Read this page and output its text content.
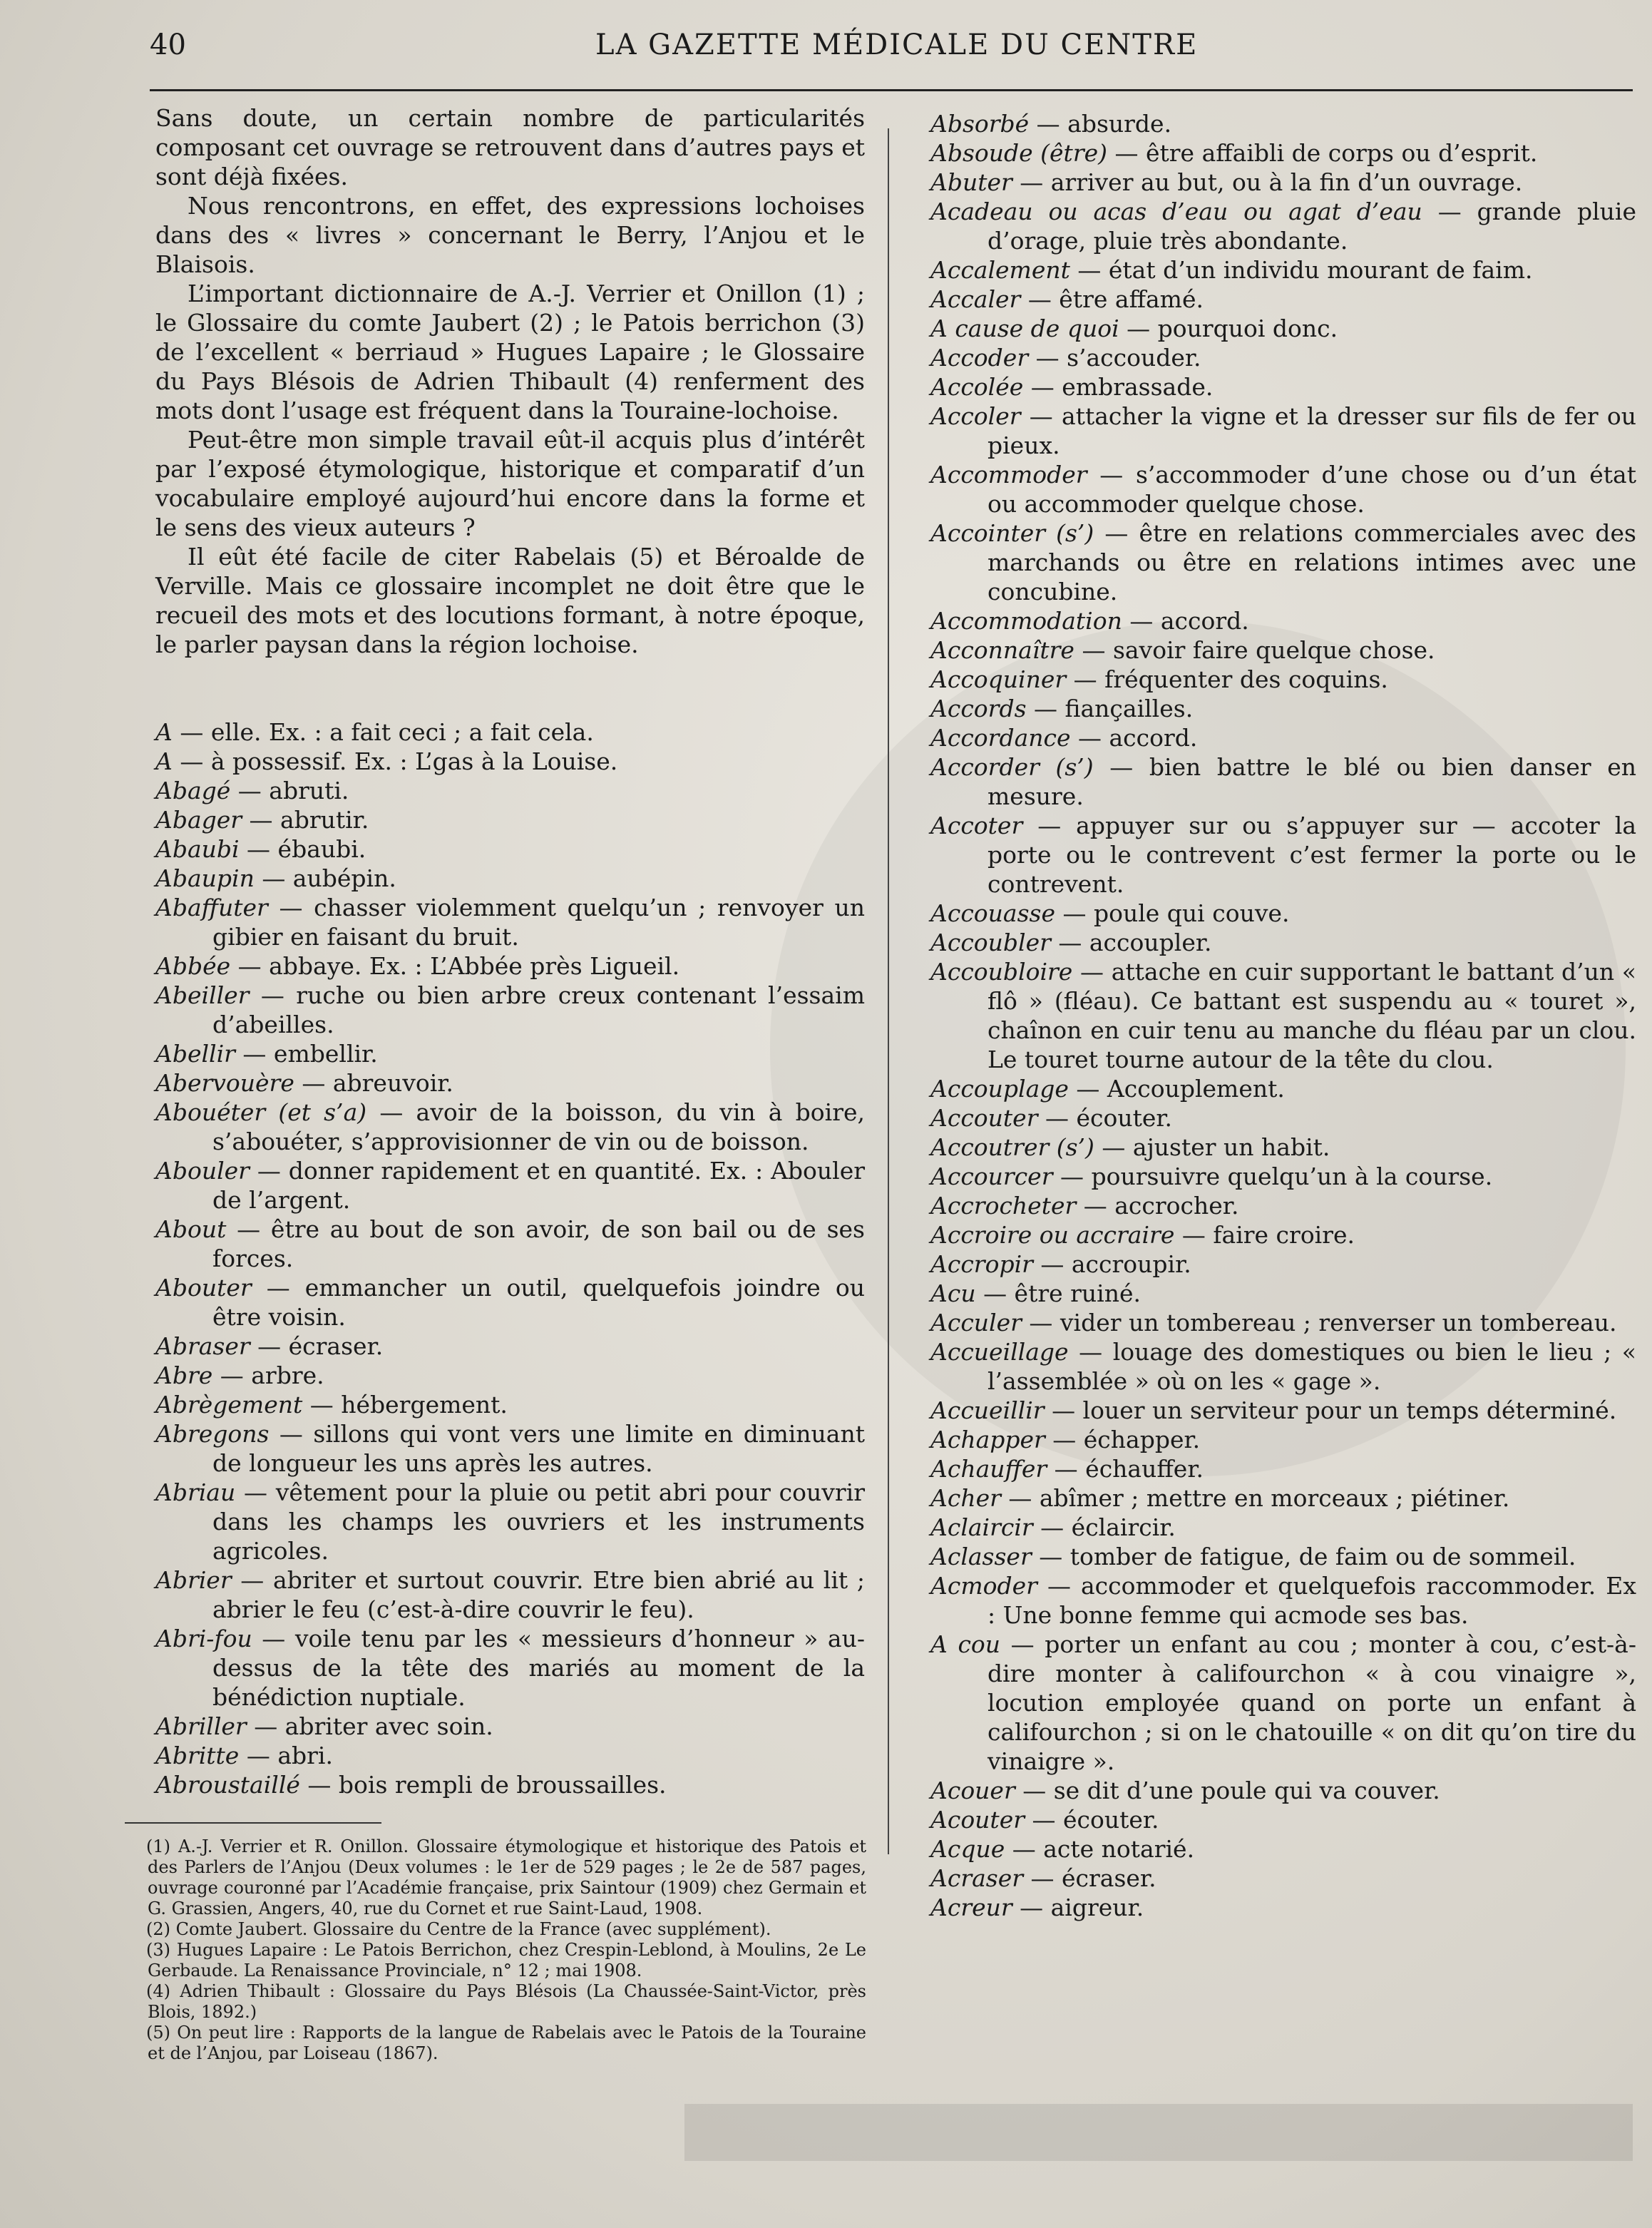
40	LA GAZETTE MÉDICALE DU CENTRE

Sans doute, un certain nombre de particularités composant cet ouvrage se retrouvent dans d’autres pays et sont déjà fixées.

Nous rencontrons, en effet, des expressions lochoises dans des « livres » concernant le Berry, l’Anjou et le Blaisois.

L’important dictionnaire de A.-J. Verrier et Onillon (1) ; le Glossaire du comte Jaubert (2) ; le Patois berrichon (3) de l’excellent « berriaud » Hugues Lapaire ; le Glossaire du Pays Blésois de Adrien Thibault (4) renferment des mots dont l’usage est fréquent dans la Touraine-lochoise.

Peut-être mon simple travail eût-il acquis plus d’intérêt par l’exposé étymologique, historique et comparatif d’un vocabulaire employé aujourd’hui encore dans la forme et le sens des vieux auteurs ?

Il eût été facile de citer Rabelais (5) et Béroalde de Verville. Mais ce glossaire incomplet ne doit être que le recueil des mots et des locutions formant, à notre époque, le parler paysan dans la région lochoise.

A — elle. Ex. : a fait ceci ; a fait cela.

A — à possessif. Ex. : L’gas à la Louise.

Abagé — abruti.

Abager — abrutir.

Abaubi — ébaubi.

Abaupin — aubépin.

Abaffuter — chasser violemment quelqu’un ; renvoyer un gibier en faisant du bruit.

Abbée — abbaye. Ex. : L’Abbée près Ligueil.

Abeiller — ruche ou bien arbre creux contenant l’essaim d’abeilles.

Abellir — embellir.

Abervouère — abreuvoir.

Abouéter (et s’a) — avoir de la boisson, du vin à boire, s’abouéter, s’approvisionner de vin ou de boisson.

Abouler — donner rapidement et en quantité. Ex. : Abouler de l’argent.

About — être au bout de son avoir, de son bail ou de ses forces.

Abouter — emmancher un outil, quelquefois joindre ou être voisin.

Abraser — écraser.

Abre — arbre.

Abrègement — hébergement.

Abregons — sillons qui vont vers une limite en diminuant de longueur les uns après les autres.

Abriau — vêtement pour la pluie ou petit abri pour couvrir dans les champs les ouvriers et les instruments agricoles.

Abrier — abriter et surtout couvrir. Etre bien abrié au lit ; abrier le feu (c’est-à-dire couvrir le feu).

Abri-fou — voile tenu par les « messieurs d’honneur » au-dessus de la tête des mariés au moment de la bénédiction nuptiale.

Abriller — abriter avec soin.

Abritte — abri.

Abroustaillé — bois rempli de broussailles.

Absorbé — absurde.

Absoude (être) — être affaibli de corps ou d’esprit.

Abuter — arriver au but, ou à la fin d’un ouvrage.

Acadeau ou acas d’eau ou agat d’eau — grande pluie d’orage, pluie très abondante.

Accalement — état d’un individu mourant de faim.

Accaler — être affamé.

A cause de quoi — pourquoi donc.

Accoder — s’accouder.

Accolée — embrassade.

Accoler — attacher la vigne et la dresser sur fils de fer ou pieux.

Accommoder — s’accommoder d’une chose ou d’un état ou accommoder quelque chose.

Accointer (s’) — être en relations commerciales avec des marchands ou être en relations intimes avec une concubine.

Accommodation — accord.

Acconnaître — savoir faire quelque chose.

Accoquiner — fréquenter des coquins.

Accords — fiançailles.

Accordance — accord.

Accorder (s’) — bien battre le blé ou bien danser en mesure.

Accoter — appuyer sur ou s’appuyer sur — accoter la porte ou le contrevent c’est fermer la porte ou le contrevent.

Accouasse — poule qui couve.

Accoubler — accoupler.

Accoubloire — attache en cuir supportant le battant d’un « flô » (fléau). Ce battant est suspendu au « touret », chaînon en cuir tenu au manche du fléau par un clou. Le touret tourne autour de la tête du clou.

Accouplage — Accouplement.

Accouter — écouter.

Accoutrer (s’) — ajuster un habit.

Accourcer — poursuivre quelqu’un à la course.

Accrocheter — accrocher.

Accroire ou accraire — faire croire.

Accropir — accroupir.

Acu — être ruiné.

Acculer — vider un tombereau ; renverser un tombereau.

Accueillage — louage des domestiques ou bien le lieu ; « l’assemblée » où on les « gage ».

Accueillir — louer un serviteur pour un temps déterminé.

Achapper — échapper.

Achauffer — échauffer.

Acher — abîmer ; mettre en morceaux ; piétiner.

Aclaircir — éclaircir.

Aclasser — tomber de fatigue, de faim ou de sommeil.

Acmoder — accommoder et quelquefois raccommoder. Ex : Une bonne femme qui acmode ses bas.

A cou — porter un enfant au cou ; monter à cou, c’est-à-dire monter à califourchon « à cou vinaigre », locution employée quand on porte un enfant à califourchon ; si on le chatouille « on dit qu’on tire du vinaigre ».

Acouer — se dit d’une poule qui va couver.

Acouter — écouter.

Acque — acte notarié.

Acraser — écraser.

Acreur — aigreur.

(1) A.-J. Verrier et R. Onillon. Glossaire étymologique et historique des Patois et des Parlers de l’Anjou (Deux volumes : le 1er de 529 pages ; le 2e de 587 pages, ouvrage couronné par l’Académie française, prix Saintour (1909) chez Germain et G. Grassien, Angers, 40, rue du Cornet et rue Saint-Laud, 1908.

(2) Comte Jaubert. Glossaire du Centre de la France (avec supplément).

(3) Hugues Lapaire : Le Patois Berrichon, chez Crespin-Leblond, à Moulins, 2e Le Gerbaude. La Renaissance Provinciale, n° 12 ; mai 1908.

(4) Adrien Thibault : Glossaire du Pays Blésois (La Chaussée-Saint-Victor, près Blois, 1892.)

(5) On peut lire : Rapports de la langue de Rabelais avec le Patois de la Touraine et de l’Anjou, par Loiseau (1867).
